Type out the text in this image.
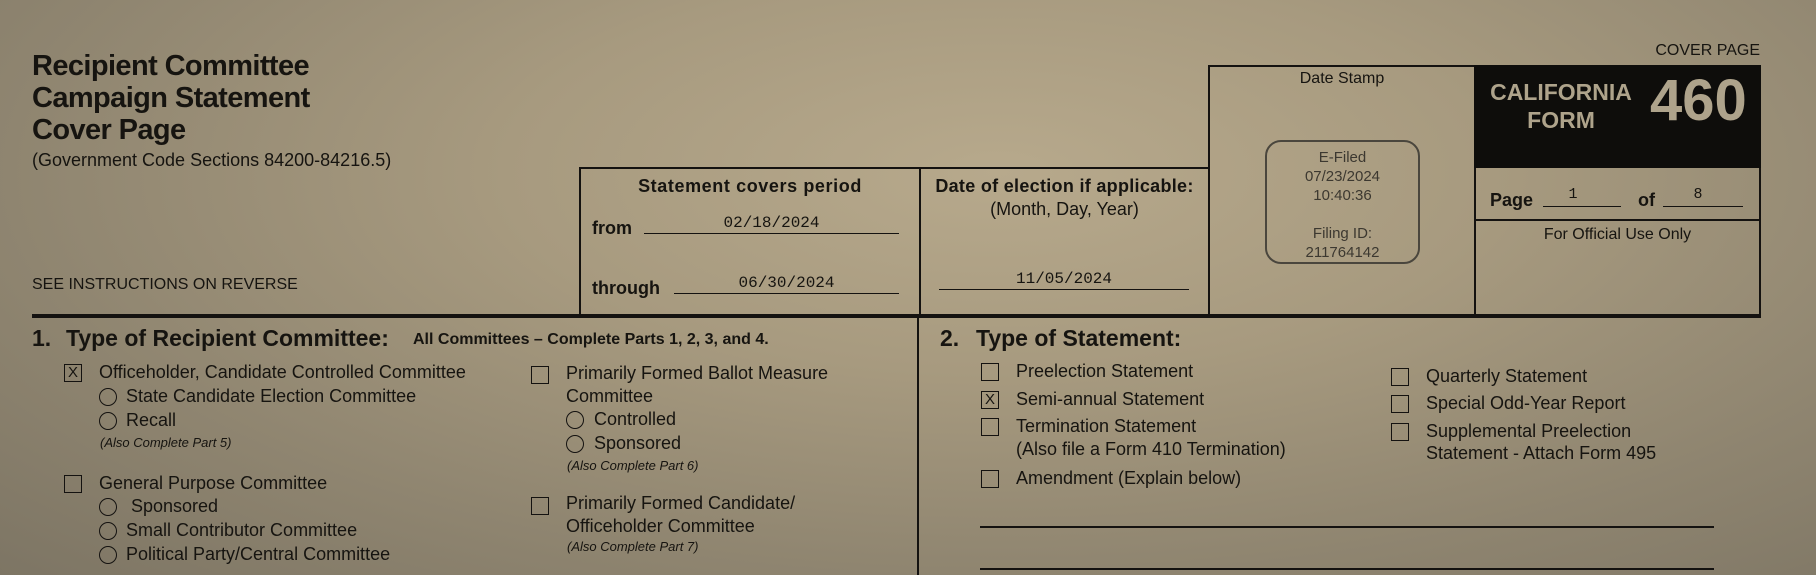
Recipient Committee
Campaign Statement
Cover Page
(Government Code Sections 84200-84216.5)
SEE INSTRUCTIONS ON REVERSE
COVER PAGE
Statement covers period
from	02/18/2024
through	06/30/2024
Date of election if applicable:
(Month, Day, Year)
11/05/2024
Date Stamp
E-Filed
07/23/2024
10:40:36
Filing ID:
211764142
CALIFORNIA
FORM 460
Page	1	of	8
For Official Use Only
1. Type of Recipient Committee: All Committees – Complete Parts 1, 2, 3, and 4.
X Officeholder, Candidate Controlled Committee
State Candidate Election Committee
Recall
(Also Complete Part 5)
General Purpose Committee
Sponsored
Small Contributor Committee
Political Party/Central Committee
Primarily Formed Ballot Measure
Committee
Controlled
Sponsored
(Also Complete Part 6)
Primarily Formed Candidate/
Officeholder Committee
(Also Complete Part 7)
2. Type of Statement:
Preelection Statement
X Semi-annual Statement
Termination Statement
(Also file a Form 410 Termination)
Amendment (Explain below)
Quarterly Statement
Special Odd-Year Report
Supplemental Preelection
Statement - Attach Form 495
